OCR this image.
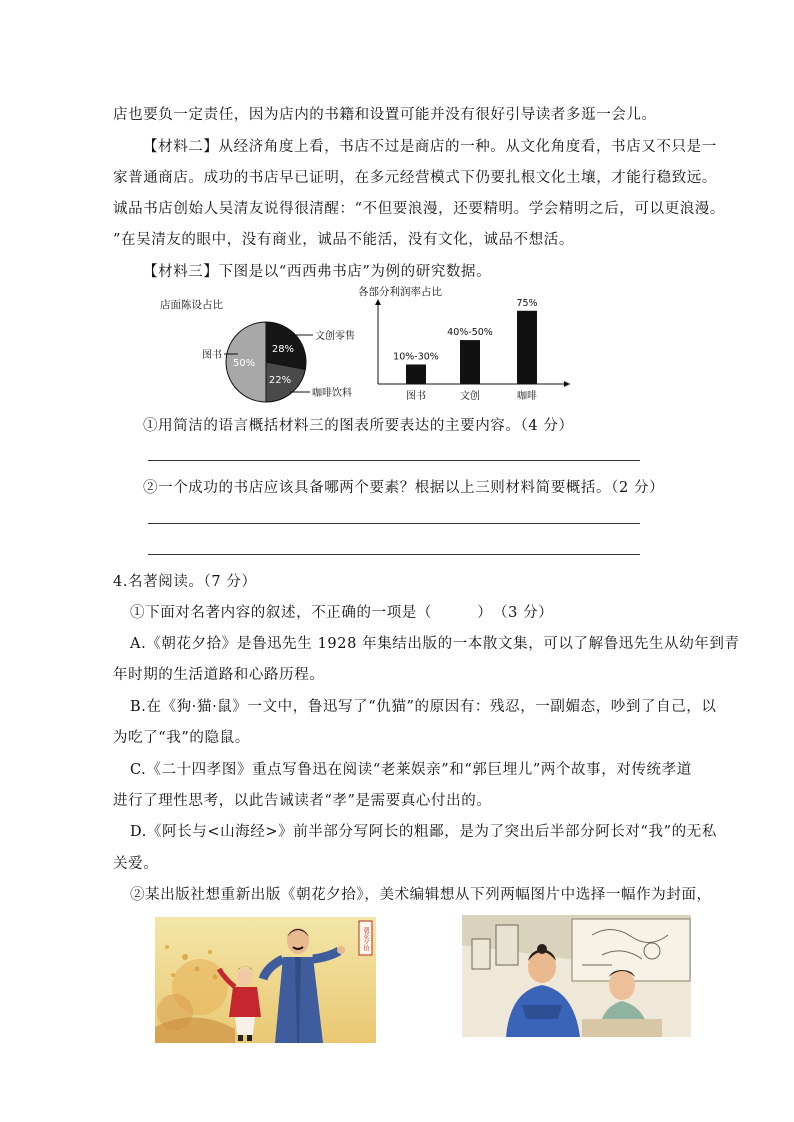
店也要负一定责任，因为店内的书籍和设置可能并没有很好引导读者多逛一会儿。
【材料二】从经济角度上看，书店不过是商店的一种。从文化角度看，书店又不只是一
家普通商店。成功的书店早已证明，在多元经营模式下仍要扎根文化土壤，才能行稳致远。
诚品书店创始人吴清友说得很清醒：“不但要浪漫，还要精明。学会精明之后，可以更浪漫。
”在吴清友的眼中，没有商业，诚品不能活，没有文化，诚品不想活。
【材料三】下图是以“西西弗书店”为例的研究数据。
店面陈设占比
50%
28%
22%
图书
文创零售
咖啡饮料
各部分利润率占比
10%-30%
图书
40%-50%
文创
75%
咖啡
①用简洁的语言概括材料三的图表所要表达的主要内容。（4 分）
②一个成功的书店应该具备哪两个要素？根据以上三则材料简要概括。（2 分）
4.名著阅读。（7 分）
①下面对名著内容的叙述，不正确的一项是（　　　）　（3 分）
A.《朝花夕拾》是鲁迅先生 1928 年集结出版的一本散文集，可以了解鲁迅先生从幼年到青
年时期的生活道路和心路历程。
B.在《狗·猫·鼠》一文中，鲁迅写了“仇猫”的原因有：残忍，一副媚态，吵到了自己，以
为吃了“我”的隐鼠。
C.《二十四孝图》重点写鲁迅在阅读“老莱娱亲”和“郭巨埋儿”两个故事，对传统孝道
进行了理性思考，以此告诫读者“孝”是需要真心付出的。
D.《阿长与<山海经>》前半部分写阿长的粗鄙，是为了突出后半部分阿长对“我”的无私
关爱。
②某出版社想重新出版《朝花夕拾》，美术编辑想从下列两幅图片中选择一幅作为封面，
朝花夕拾
